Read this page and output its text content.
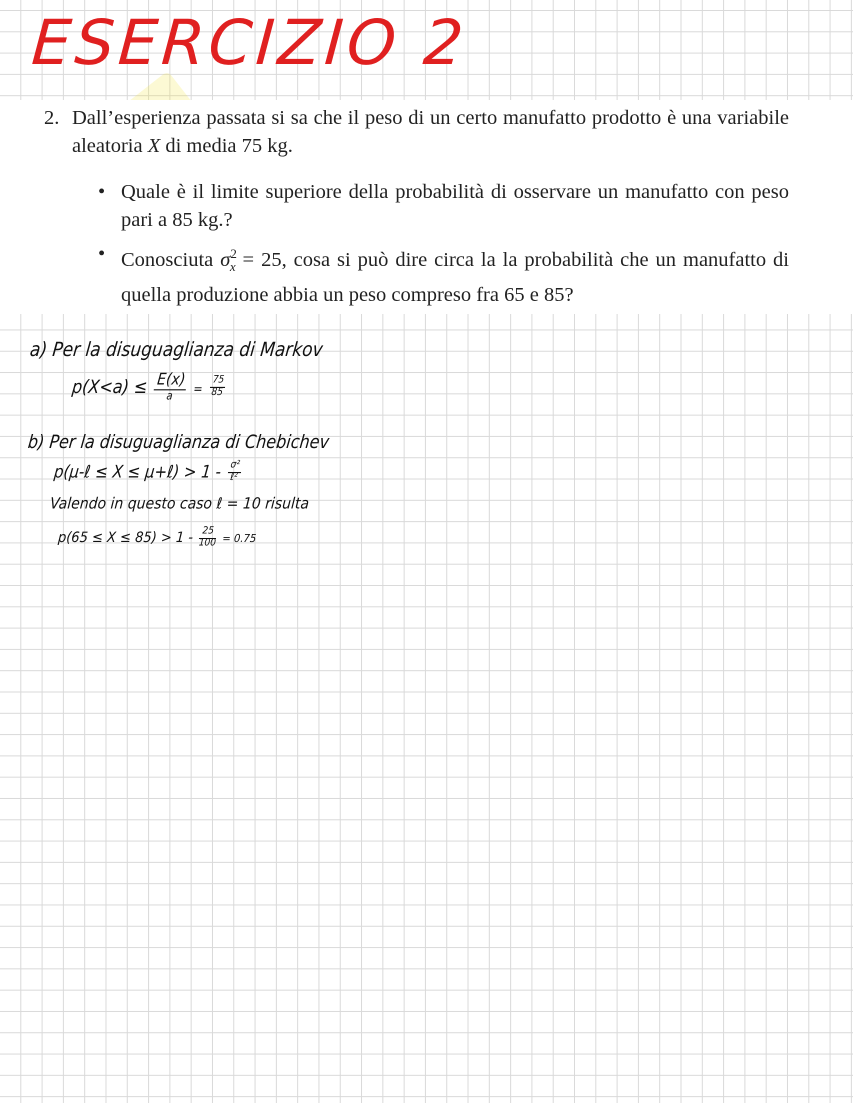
ESERCIZIO 2
2. Dall’esperienza passata si sa che il peso di un certo manufatto prodotto è una variabile aleatoria X di media 75 kg.
• Quale è il limite superiore della probabilità di osservare un manufatto con peso pari a 85 kg.?
• Conosciuta $\sigma^2_x = 25$, cosa si può dire circa la la probabilità che un manufatto di quella produzione abbia un peso compreso fra 65 e 85?
a) Per la disuguaglianza di Markov
$p(X<a) \le \frac{E(x)}{a} = \frac{75}{85}$
b) Per la disuguaglianza di Chebichev
p(μ-ℓ ≤ X ≤ μ+ℓ) > $1 - \frac{\text{σ²}}{\text{ℓ²}}$
Valendo in questo caso ℓ = 10 risulta
$p(65 \le X \le 85) > 1 - \frac{25}{100} = 0.75$
